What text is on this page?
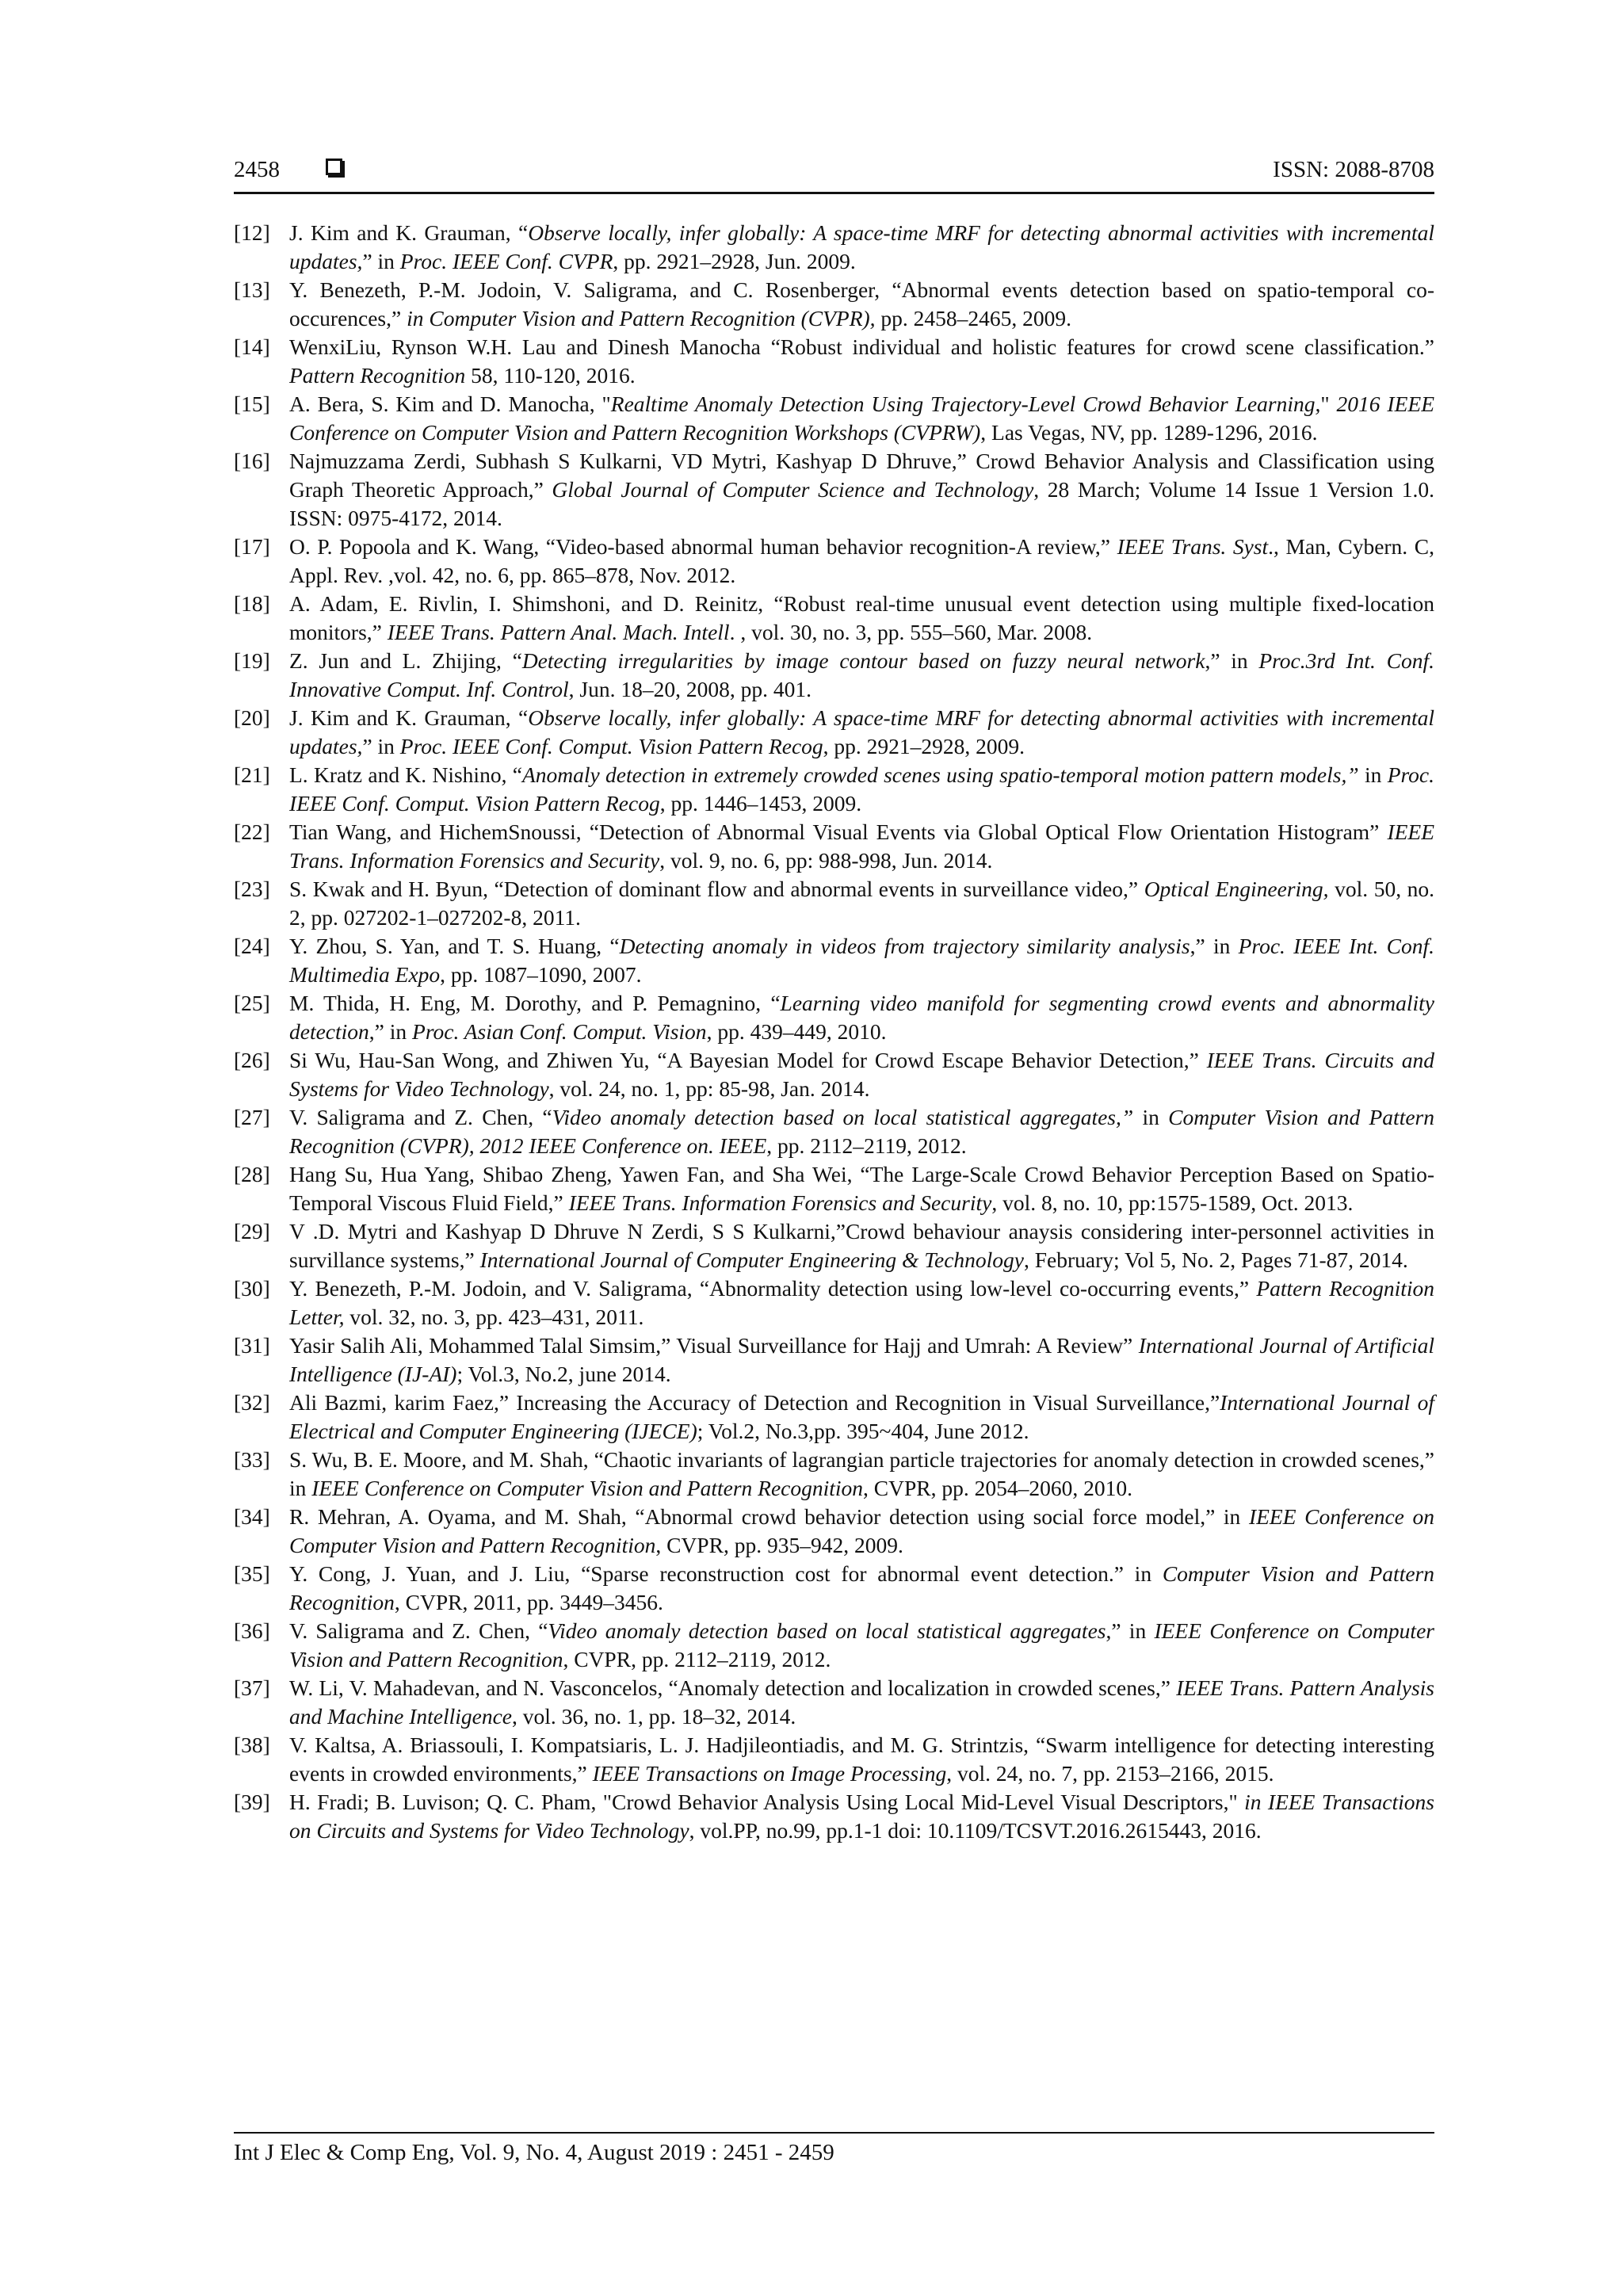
2458	ISSN: 2088-8708
[12] J. Kim and K. Grauman, “Observe locally, infer globally: A space-time MRF for detecting abnormal activities with incremental updates,” in Proc. IEEE Conf. CVPR, pp. 2921–2928, Jun. 2009.
[13] Y. Benezeth, P.-M. Jodoin, V. Saligrama, and C. Rosenberger, “Abnormal events detection based on spatio-temporal co-occurences,” in Computer Vision and Pattern Recognition (CVPR), pp. 2458–2465, 2009.
[14] WenxiLiu, Rynson W.H. Lau and Dinesh Manocha “Robust individual and holistic features for crowd scene classification.” Pattern Recognition 58, 110-120, 2016.
[15] A. Bera, S. Kim and D. Manocha, "Realtime Anomaly Detection Using Trajectory-Level Crowd Behavior Learning," 2016 IEEE Conference on Computer Vision and Pattern Recognition Workshops (CVPRW), Las Vegas, NV, pp. 1289-1296, 2016.
[16] Najmuzzama Zerdi, Subhash S Kulkarni, VD Mytri, Kashyap D Dhruve,” Crowd Behavior Analysis and Classification using Graph Theoretic Approach,” Global Journal of Computer Science and Technology, 28 March; Volume 14 Issue 1 Version 1.0. ISSN: 0975-4172, 2014.
[17] O. P. Popoola and K. Wang, “Video-based abnormal human behavior recognition-A review,” IEEE Trans. Syst., Man, Cybern. C, Appl. Rev. ,vol. 42, no. 6, pp. 865–878, Nov. 2012.
[18] A. Adam, E. Rivlin, I. Shimshoni, and D. Reinitz, “Robust real-time unusual event detection using multiple fixed-location monitors,” IEEE Trans. Pattern Anal. Mach. Intell. , vol. 30, no. 3, pp. 555–560, Mar. 2008.
[19] Z. Jun and L. Zhijing, “Detecting irregularities by image contour based on fuzzy neural network,” in Proc.3rd Int. Conf. Innovative Comput. Inf. Control, Jun. 18–20, 2008, pp. 401.
[20] J. Kim and K. Grauman, “Observe locally, infer globally: A space-time MRF for detecting abnormal activities with incremental updates,” in Proc. IEEE Conf. Comput. Vision Pattern Recog, pp. 2921–2928, 2009.
[21] L. Kratz and K. Nishino, “Anomaly detection in extremely crowded scenes using spatio-temporal motion pattern models,” in Proc. IEEE Conf. Comput. Vision Pattern Recog, pp. 1446–1453, 2009.
[22] Tian Wang, and HichemSnoussi, “Detection of Abnormal Visual Events via Global Optical Flow Orientation Histogram” IEEE Trans. Information Forensics and Security, vol. 9, no. 6, pp: 988-998, Jun. 2014.
[23] S. Kwak and H. Byun, “Detection of dominant flow and abnormal events in surveillance video,” Optical Engineering, vol. 50, no. 2, pp. 027202-1–027202-8, 2011.
[24] Y. Zhou, S. Yan, and T. S. Huang, “Detecting anomaly in videos from trajectory similarity analysis,” in Proc. IEEE Int. Conf. Multimedia Expo, pp. 1087–1090, 2007.
[25] M. Thida, H. Eng, M. Dorothy, and P. Pemagnino, “Learning video manifold for segmenting crowd events and abnormality detection,” in Proc. Asian Conf. Comput. Vision, pp. 439–449, 2010.
[26] Si Wu, Hau-San Wong, and Zhiwen Yu, “A Bayesian Model for Crowd Escape Behavior Detection,” IEEE Trans. Circuits and Systems for Video Technology, vol. 24, no. 1, pp: 85-98, Jan. 2014.
[27] V. Saligrama and Z. Chen, “Video anomaly detection based on local statistical aggregates,” in Computer Vision and Pattern Recognition (CVPR), 2012 IEEE Conference on. IEEE, pp. 2112–2119, 2012.
[28] Hang Su, Hua Yang, Shibao Zheng, Yawen Fan, and Sha Wei, “The Large-Scale Crowd Behavior Perception Based on Spatio-Temporal Viscous Fluid Field,” IEEE Trans. Information Forensics and Security, vol. 8, no. 10, pp:1575-1589, Oct. 2013.
[29] V .D. Mytri and Kashyap D Dhruve N Zerdi, S S Kulkarni,”Crowd behaviour anaysis considering inter-personnel activities in survillance systems,” International Journal of Computer Engineering & Technology, February; Vol 5, No. 2, Pages 71-87, 2014.
[30] Y. Benezeth, P.-M. Jodoin, and V. Saligrama, “Abnormality detection using low-level co-occurring events,” Pattern Recognition Letter, vol. 32, no. 3, pp. 423–431, 2011.
[31] Yasir Salih Ali, Mohammed Talal Simsim,” Visual Surveillance for Hajj and Umrah: A Review” International Journal of Artificial Intelligence (IJ-AI); Vol.3, No.2, june 2014.
[32] Ali Bazmi, karim Faez,” Increasing the Accuracy of Detection and Recognition in Visual Surveillance,”International Journal of Electrical and Computer Engineering (IJECE); Vol.2, No.3,pp. 395~404, June 2012.
[33] S. Wu, B. E. Moore, and M. Shah, “Chaotic invariants of lagrangian particle trajectories for anomaly detection in crowded scenes,” in IEEE Conference on Computer Vision and Pattern Recognition, CVPR, pp. 2054–2060, 2010.
[34] R. Mehran, A. Oyama, and M. Shah, “Abnormal crowd behavior detection using social force model,” in IEEE Conference on Computer Vision and Pattern Recognition, CVPR, pp. 935–942, 2009.
[35] Y. Cong, J. Yuan, and J. Liu, “Sparse reconstruction cost for abnormal event detection.” in Computer Vision and Pattern Recognition, CVPR, 2011, pp. 3449–3456.
[36] V. Saligrama and Z. Chen, “Video anomaly detection based on local statistical aggregates,” in IEEE Conference on Computer Vision and Pattern Recognition, CVPR, pp. 2112–2119, 2012.
[37] W. Li, V. Mahadevan, and N. Vasconcelos, “Anomaly detection and localization in crowded scenes,” IEEE Trans. Pattern Analysis and Machine Intelligence, vol. 36, no. 1, pp. 18–32, 2014.
[38] V. Kaltsa, A. Briassouli, I. Kompatsiaris, L. J. Hadjileontiadis, and M. G. Strintzis, “Swarm intelligence for detecting interesting events in crowded environments,” IEEE Transactions on Image Processing, vol. 24, no. 7, pp. 2153–2166, 2015.
[39] H. Fradi; B. Luvison; Q. C. Pham, "Crowd Behavior Analysis Using Local Mid-Level Visual Descriptors," in IEEE Transactions on Circuits and Systems for Video Technology, vol.PP, no.99, pp.1-1 doi: 10.1109/TCSVT.2016.2615443, 2016.
Int J Elec & Comp Eng, Vol. 9, No. 4, August 2019 : 2451 - 2459
